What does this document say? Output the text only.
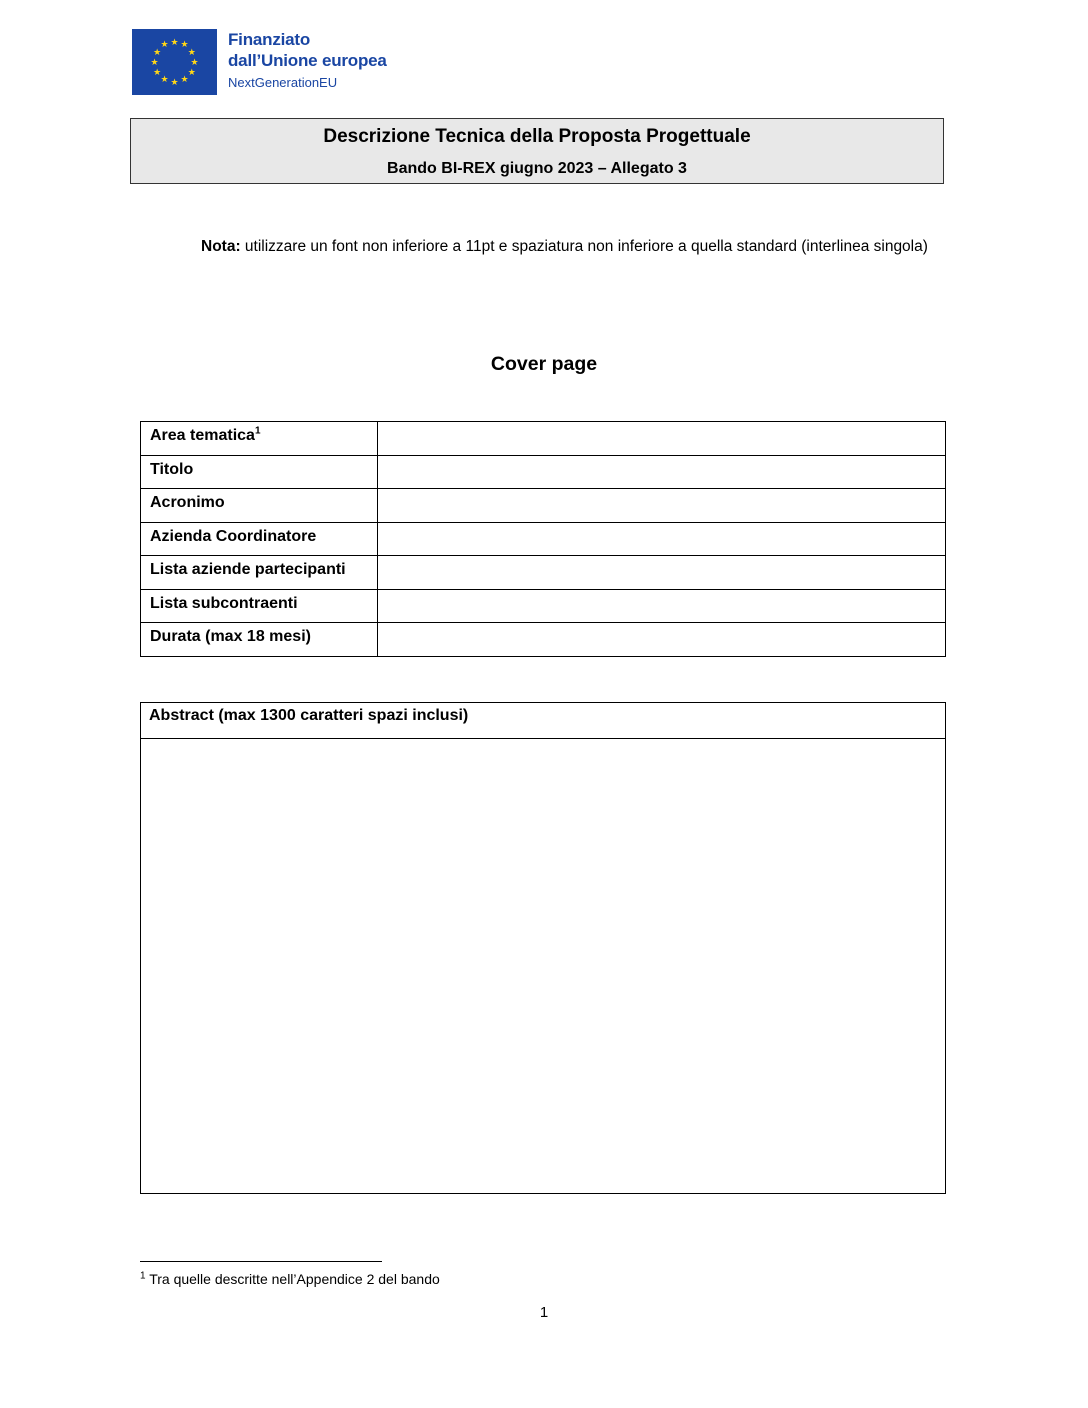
★ ★
★
★
★
★
★
★
★
★
★
★	Finanziato
dall’Unione europea
NextGenerationEU
Descrizione Tecnica della Proposta Progettuale
Bando BI-REX giugno 2023 – Allegato 3
Nota: utilizzare un font non inferiore a 11pt e spaziatura non inferiore a quella standard (interlinea singola)
Cover page
Area tematica$^1$	
Titolo	
Acronimo	
Azienda Coordinatore	
Lista aziende partecipanti	
Lista subcontraenti	
Durata (max 18 mesi)	
Abstract (max 1300 caratteri spazi inclusi)
$^1$ Tra quelle descritte nell’Appendice 2 del bando
1
